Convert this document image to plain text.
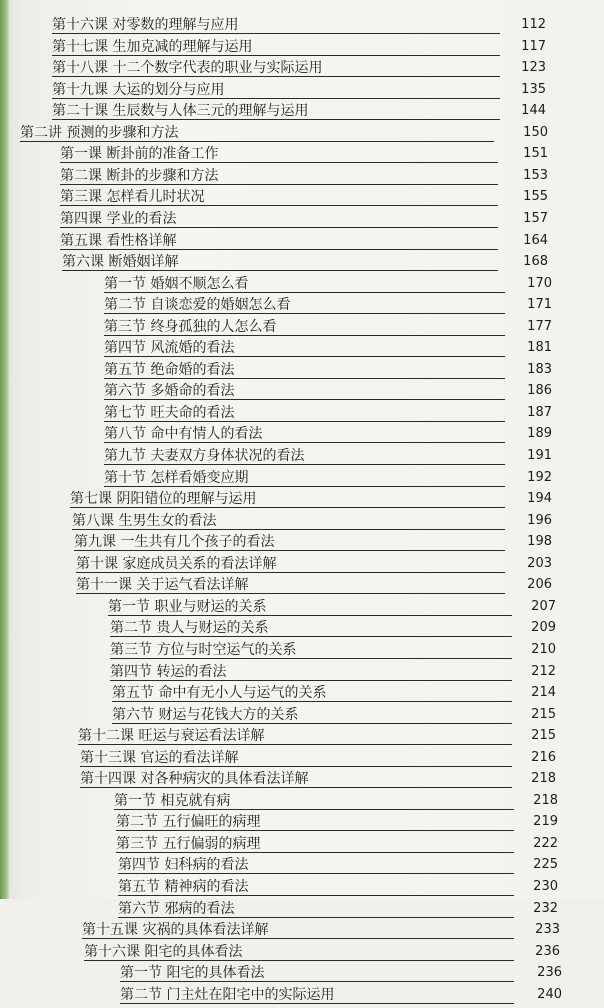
第十六课 对零数的理解与应用	112
第十七课 生加克减的理解与运用	117
第十八课 十二个数字代表的职业与实际运用	123
第十九课 大运的划分与应用	135
第二十课 生辰数与人体三元的理解与运用	144
第二讲 预测的步骤和方法	150
第一课 断卦前的准备工作	151
第二课 断卦的步骤和方法	153
第三课 怎样看儿时状况	155
第四课 学业的看法	157
第五课 看性格详解	164
第六课 断婚姻详解	168
第一节 婚姻不顺怎么看	170
第二节 自谈恋爱的婚姻怎么看	171
第三节 终身孤独的人怎么看	177
第四节 风流婚的看法	181
第五节 绝命婚的看法	183
第六节 多婚命的看法	186
第七节 旺夫命的看法	187
第八节 命中有情人的看法	189
第九节 夫妻双方身体状况的看法	191
第十节 怎样看婚变应期	192
第七课 阴阳错位的理解与运用	194
第八课 生男生女的看法	196
第九课 一生共有几个孩子的看法	198
第十课 家庭成员关系的看法详解	203
第十一课 关于运气看法详解	206
第一节 职业与财运的关系	207
第二节 贵人与财运的关系	209
第三节 方位与时空运气的关系	210
第四节 转运的看法	212
第五节 命中有无小人与运气的关系	214
第六节 财运与花钱大方的关系	215
第十二课 旺运与衰运看法详解	215
第十三课 官运的看法详解	216
第十四课 对各种病灾的具体看法详解	218
第一节 相克就有病	218
第二节 五行偏旺的病理	219
第三节 五行偏弱的病理	222
第四节 妇科病的看法	225
第五节 精神病的看法	230
第六节 邪病的看法	232
第十五课 灾祸的具体看法详解	233
第十六课 阳宅的具体看法	236
第一节 阳宅的具体看法	236
第二节 门主灶在阳宅中的实际运用	240
